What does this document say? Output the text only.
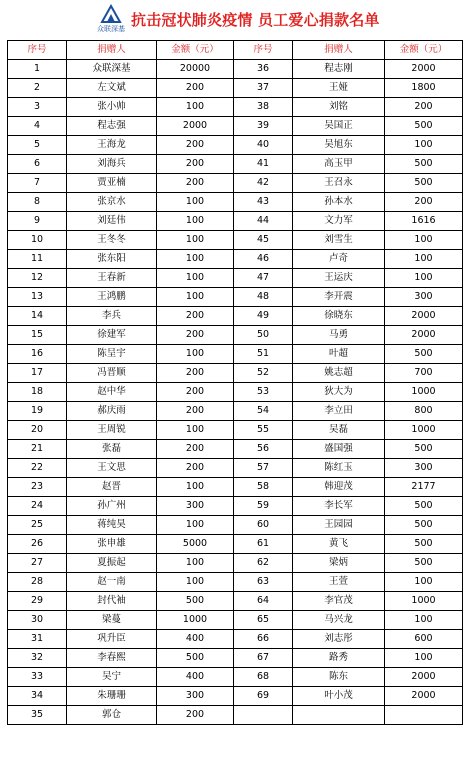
众联深基 抗击冠状肺炎疫情 员工爱心捐款名单
序号	捐赠人	金额（元）	序号	捐赠人	金额（元）
1	众联深基	20000	36	程志刚	2000
2	左文斌	200	37	王娅	1800
3	张小帅	100	38	刘铭	200
4	程志强	2000	39	吴国正	500
5	王海龙	200	40	吴旭东	100
6	刘海兵	200	41	高玉甲	500
7	贾亚楠	200	42	王召永	500
8	张京水	100	43	孙本水	200
9	刘廷伟	100	44	文力军	1616
10	王冬冬	100	45	刘雪生	100
11	张东阳	100	46	卢奇	100
12	王春新	100	47	王运庆	100
13	王鸿鹏	100	48	李开震	300
14	李兵	200	49	徐晓东	2000
15	徐建军	200	50	马勇	2000
16	陈呈宇	100	51	叶超	500
17	冯晋顺	200	52	姚志超	700
18	赵中华	200	53	狄大为	1000
19	郝庆雨	200	54	李立田	800
20	王周锐	100	55	吴磊	1000
21	张磊	200	56	盛国强	500
22	王文思	200	57	陈红玉	300
23	赵晋	100	58	韩迎茂	2177
24	孙广州	300	59	李长军	500
25	蒋纯昊	100	60	王园园	500
26	张申雄	5000	61	黄飞	500
27	夏振起	100	62	梁炳	500
28	赵一南	100	63	王萱	100
29	封代袖	500	64	李官茂	1000
30	梁蔓	1000	65	马兴龙	100
31	巩升臣	400	66	刘志彤	600
32	李春熙	500	67	路秀	100
33	吴宁	400	68	陈东	2000
34	朱珊珊	300	69	叶小茂	2000
35	郭仓	200			
